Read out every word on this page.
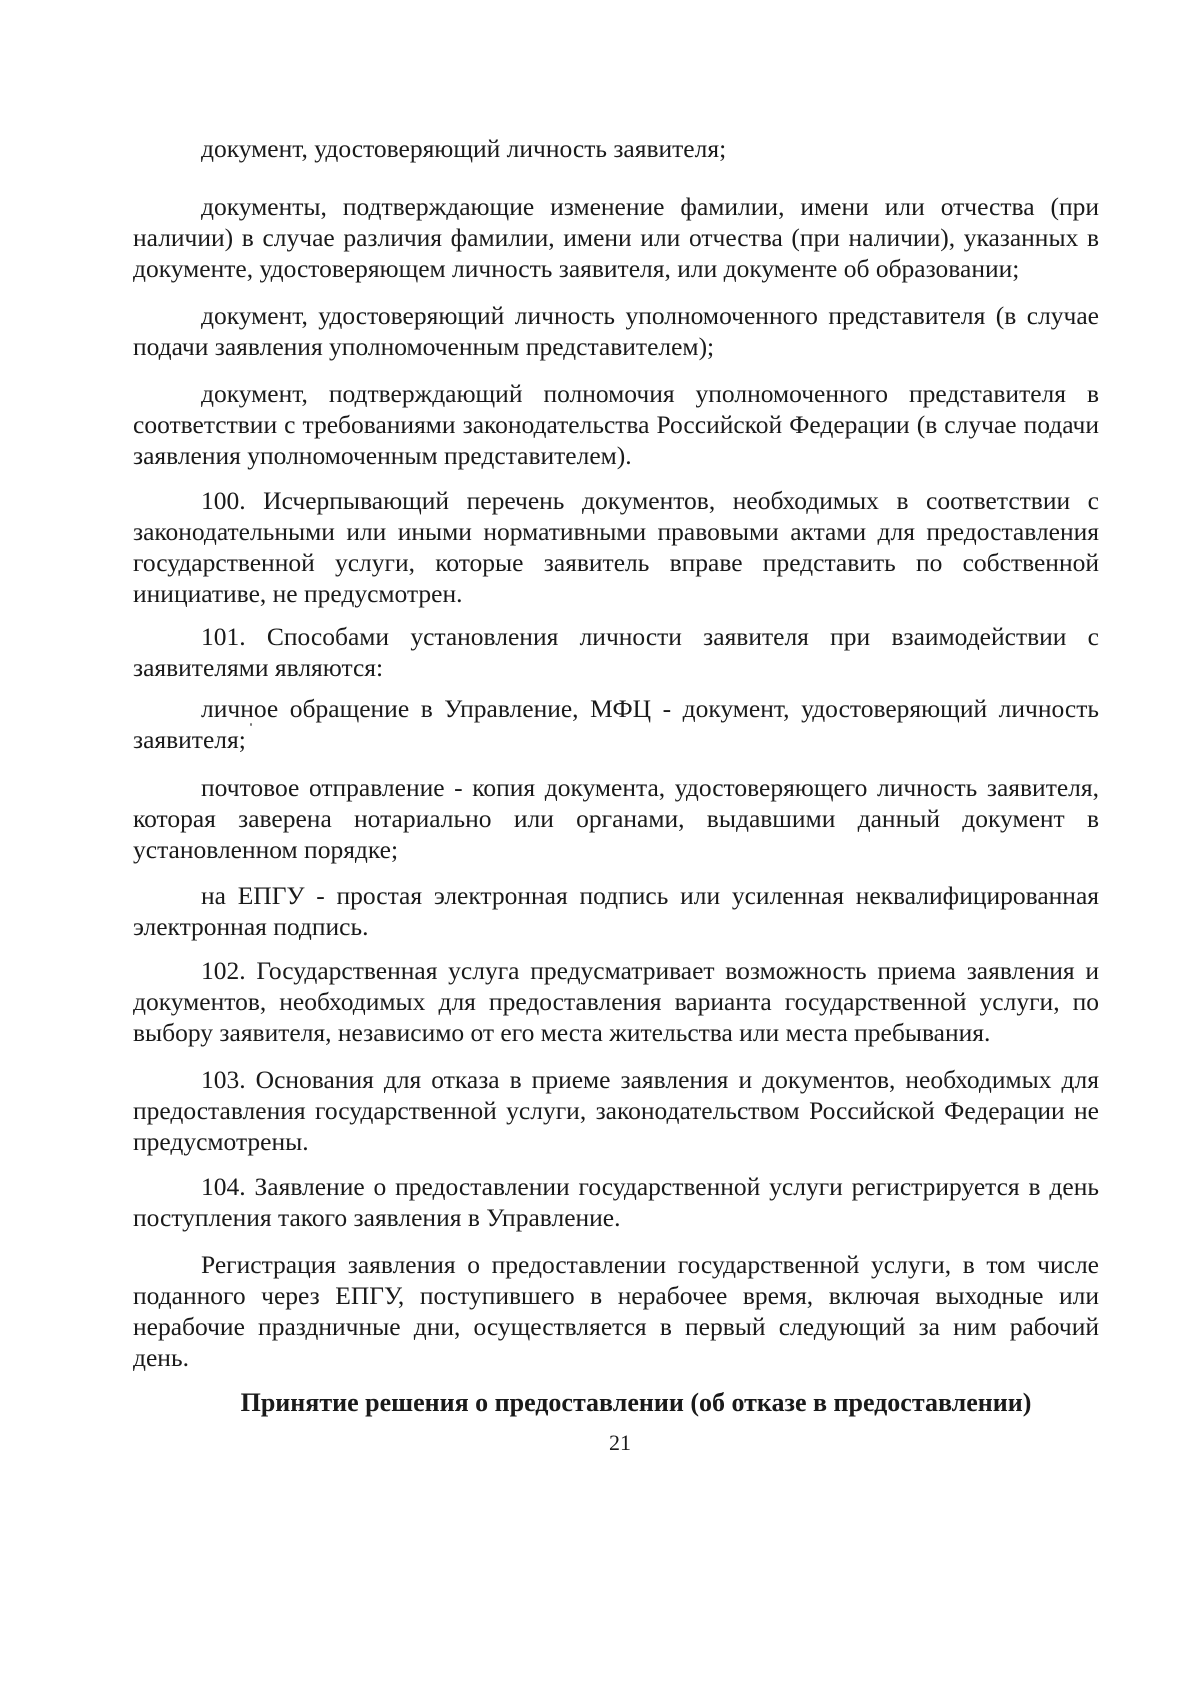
документ, удостоверяющий личность заявителя;

документы, подтверждающие изменение фамилии, имени или отчества (при наличии) в случае различия фамилии, имени или отчества (при наличии), указанных в документе, удостоверяющем личность заявителя, или документе об образовании;

документ, удостоверяющий личность уполномоченного представителя (в случае подачи заявления уполномоченным представителем);

документ, подтверждающий полномочия уполномоченного представителя в соответствии с требованиями законодательства Российской Федерации (в случае подачи заявления уполномоченным представителем).

100. Исчерпывающий перечень документов, необходимых в соответствии с законодательными или иными нормативными правовыми актами для предоставления государственной услуги, которые заявитель вправе представить по собственной инициативе, не предусмотрен.

101. Способами установления личности заявителя при взаимодействии с заявителями являются:

личное обращение в Управление, МФЦ - документ, удостоверяющий личность заявителя;

почтовое отправление - копия документа, удостоверяющего личность заявителя, которая заверена нотариально или органами, выдавшими данный документ в установленном порядке;

на ЕПГУ - простая электронная подпись или усиленная неквалифицированная электронная подпись.

102. Государственная услуга предусматривает возможность приема заявления и документов, необходимых для предоставления варианта государственной услуги, по выбору заявителя, независимо от его места жительства или места пребывания.

103. Основания для отказа в приеме заявления и документов, необходимых для предоставления государственной услуги, законодательством Российской Федерации не предусмотрены.

104. Заявление о предоставлении государственной услуги регистрируется в день поступления такого заявления в Управление.

Регистрация заявления о предоставлении государственной услуги, в том числе поданного через ЕПГУ, поступившего в нерабочее время, включая выходные или нерабочие праздничные дни, осуществляется в первый следующий за ним рабочий день.

Принятие решения о предоставлении (об отказе в предоставлении)

21
